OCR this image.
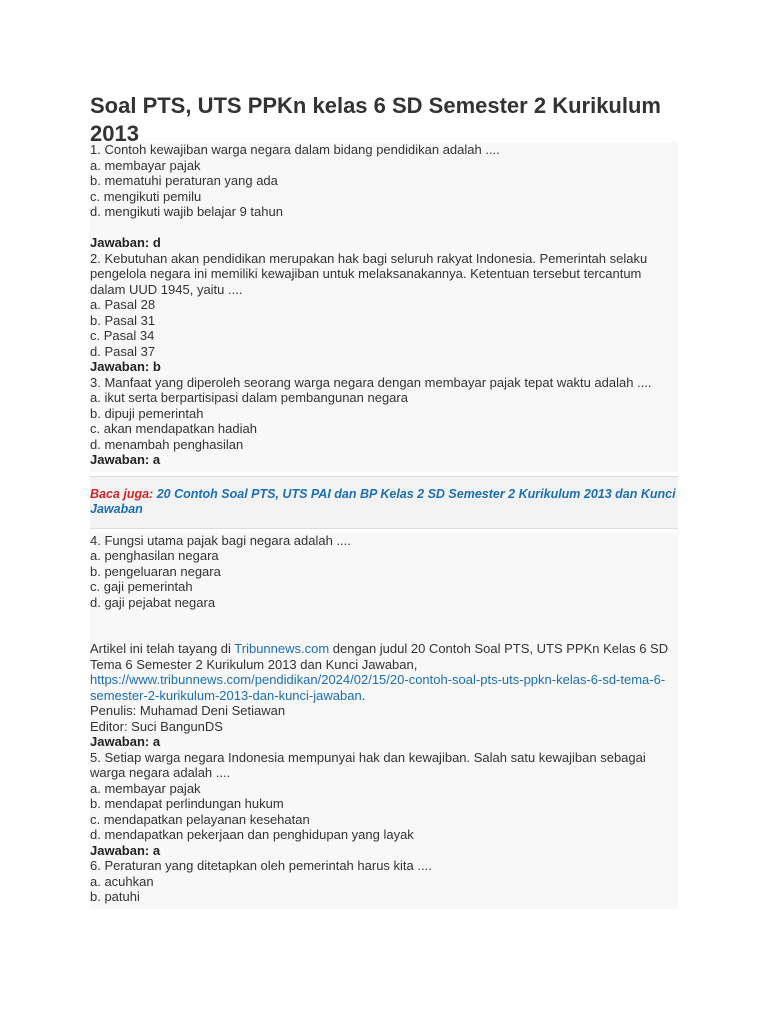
Soal PTS, UTS PPKn kelas 6 SD Semester 2 Kurikulum 2013
1. Contoh kewajiban warga negara dalam bidang pendidikan adalah ....
a. membayar pajak
b. mematuhi peraturan yang ada
c. mengikuti pemilu
d. mengikuti wajib belajar 9 tahun
Jawaban: d
2. Kebutuhan akan pendidikan merupakan hak bagi seluruh rakyat Indonesia. Pemerintah selaku pengelola negara ini memiliki kewajiban untuk melaksanakannya. Ketentuan tersebut tercantum dalam UUD 1945, yaitu ....
a. Pasal 28
b. Pasal 31
c. Pasal 34
d. Pasal 37
Jawaban: b
3. Manfaat yang diperoleh seorang warga negara dengan membayar pajak tepat waktu adalah ....
a. ikut serta berpartisipasi dalam pembangunan negara
b. dipuji pemerintah
c. akan mendapatkan hadiah
d. menambah penghasilan
Jawaban: a
Baca juga: 20 Contoh Soal PTS, UTS PAI dan BP Kelas 2 SD Semester 2 Kurikulum 2013 dan Kunci Jawaban
4. Fungsi utama pajak bagi negara adalah ....
a. penghasilan negara
b. pengeluaran negara
c. gaji pemerintah
d. gaji pejabat negara
Artikel ini telah tayang di Tribunnews.com dengan judul 20 Contoh Soal PTS, UTS PPKn Kelas 6 SD Tema 6 Semester 2 Kurikulum 2013 dan Kunci Jawaban, https://www.tribunnews.com/pendidikan/2024/02/15/20-contoh-soal-pts-uts-ppkn-kelas-6-sd-tema-6-semester-2-kurikulum-2013-dan-kunci-jawaban.
Penulis: Muhamad Deni Setiawan
Editor: Suci BangunDS
Jawaban: a
5. Setiap warga negara Indonesia mempunyai hak dan kewajiban. Salah satu kewajiban sebagai warga negara adalah ....
a. membayar pajak
b. mendapat perlindungan hukum
c. mendapatkan pelayanan kesehatan
d. mendapatkan pekerjaan dan penghidupan yang layak
Jawaban: a
6. Peraturan yang ditetapkan oleh pemerintah harus kita ....
a. acuhkan
b. patuhi
